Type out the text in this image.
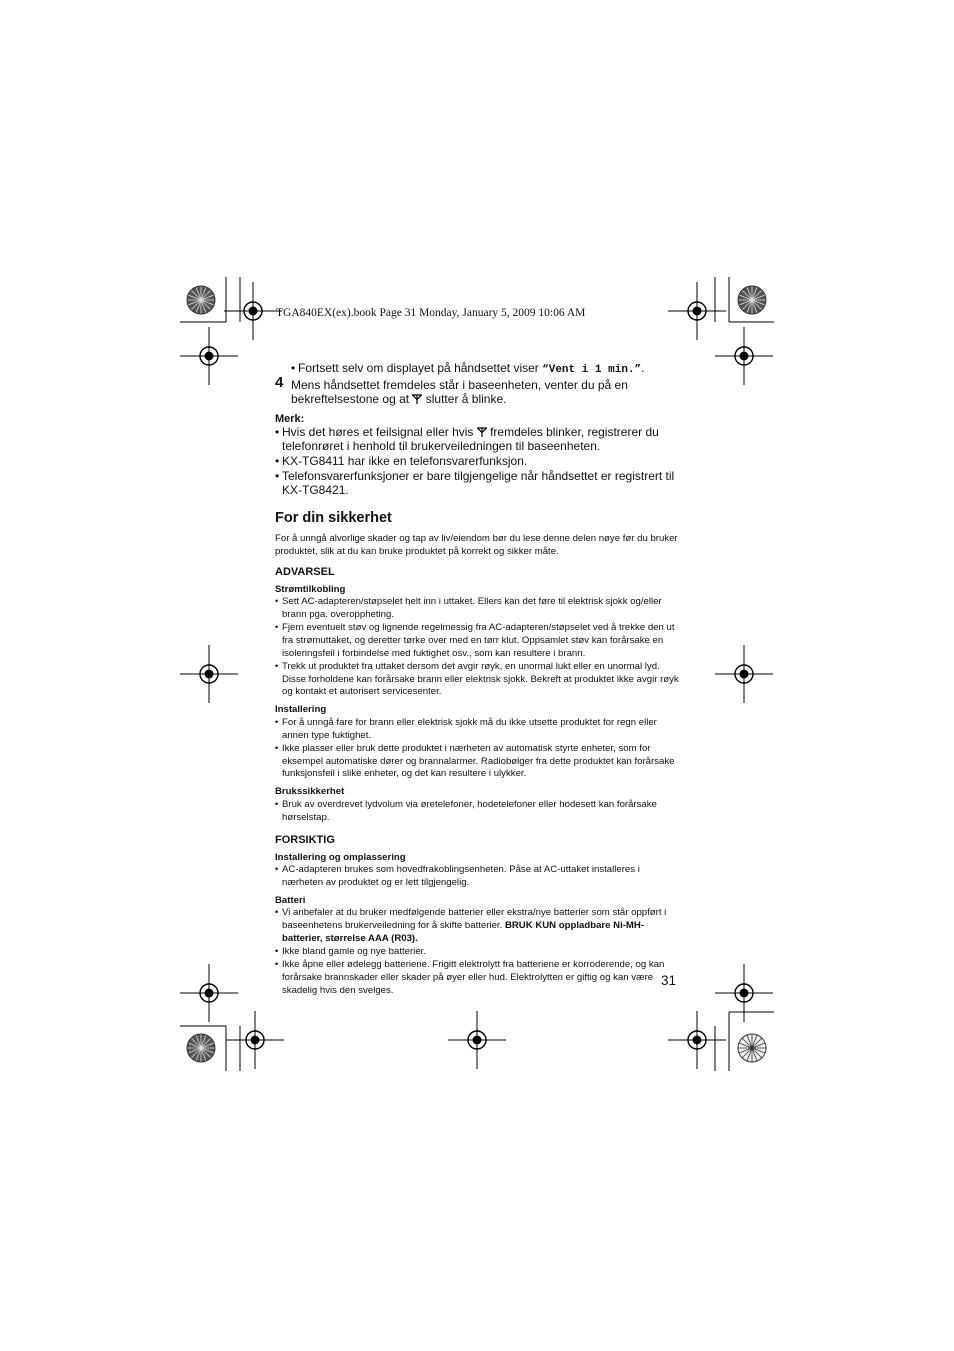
TGA840EX(ex).book Page 31 Monday, January 5, 2009 10:06 AM
• Fortsett selv om displayet på håndsettet viser “Vent i 1 min.”.
4 Mens håndsettet fremdeles står i baseenheten, venter du på en bekreftelsestone og at  slutter å blinke.
Merk:
• Hvis det høres et feilsignal eller hvis  fremdeles blinker, registrerer du telefonrøret i henhold til brukerveiledningen til baseenheten.
• KX-TG8411 har ikke en telefonsvarerfunksjon.
• Telefonsvarerfunksjoner er bare tilgjengelige når håndsettet er registrert til KX-TG8421.
For din sikkerhet
For å unngå alvorlige skader og tap av liv/eiendom bør du lese denne delen nøye før du bruker produktet, slik at du kan bruke produktet på korrekt og sikker måte.
ADVARSEL
Strømtilkobling
• Sett AC-adapteren/støpselet helt inn i uttaket. Ellers kan det føre til elektrisk sjokk og/eller brann pga. overoppheting.
• Fjern eventuelt støv og lignende regelmessig fra AC-adapteren/støpselet ved å trekke den ut fra strømuttaket, og deretter tørke over med en tørr klut. Oppsamlet støv kan forårsake en isoleringsfeil i forbindelse med fuktighet osv., som kan resultere i brann.
• Trekk ut produktet fra uttaket dersom det avgir røyk, en unormal lukt eller en unormal lyd. Disse forholdene kan forårsake brann eller elektrisk sjokk. Bekreft at produktet ikke avgir røyk og kontakt et autorisert servicesenter.
Installering
• For å unngå fare for brann eller elektrisk sjokk må du ikke utsette produktet for regn eller annen type fuktighet.
• Ikke plasser eller bruk dette produktet i nærheten av automatisk styrte enheter, som for eksempel automatiske dører og brannalarmer. Radiobølger fra dette produktet kan forårsake funksjonsfeil i slike enheter, og det kan resultere i ulykker.
Brukssikkerhet
• Bruk av overdrevet lydvolum via øretelefoner, hodetelefoner eller hodesett kan forårsake hørselstap.
FORSIKTIG
Installering og omplassering
• AC-adapteren brukes som hovedfrakoblingsenheten. Påse at AC-uttaket installeres i nærheten av produktet og er lett tilgjengelig.
Batteri
• Vi anbefaler at du bruker medfølgende batterier eller ekstra/nye batterier som står oppført i baseenhetens brukerveiledning for å skifte batterier. BRUK KUN oppladbare Ni-MH-batterier, størrelse AAA (R03).
• Ikke bland gamle og nye batterier.
• Ikke åpne eller ødelegg batteriene. Frigitt elektrolytt fra batteriene er korroderende, og kan forårsake brannskader eller skader på øyer eller hud. Elektrolytten er giftig og kan være skadelig hvis den svelges.
31
